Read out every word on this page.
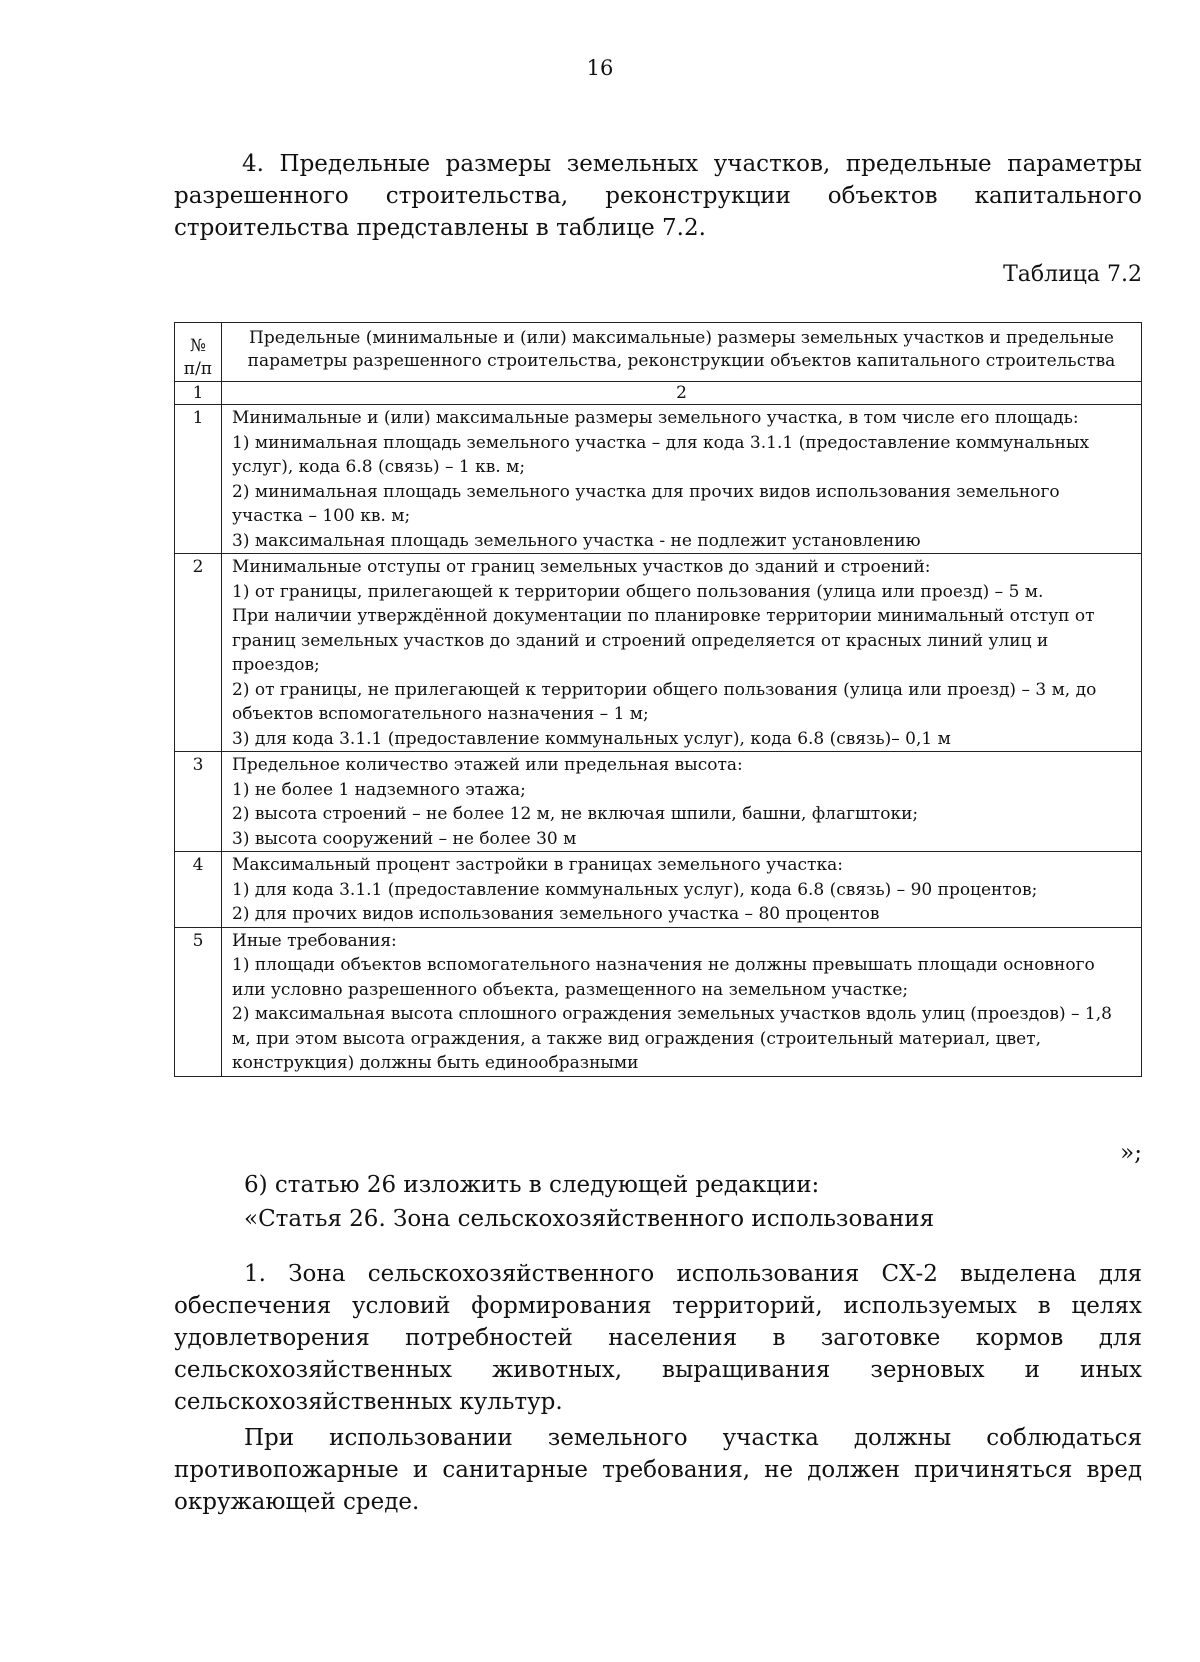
16
4. Предельные размеры земельных участков, предельные параметры разрешенного строительства, реконструкции объектов капитального строительства представлены в таблице 7.2.
Таблица 7.2
№ п/п	Предельные (минимальные и (или) максимальные) размеры земельных участков и предельные параметры разрешенного строительства, реконструкции объектов капитального строительства
1	2
1	Минимальные и (или) максимальные размеры земельного участка, в том числе его площадь:
1) минимальная площадь земельного участка – для кода 3.1.1 (предоставление коммунальных услуг), кода 6.8 (связь) – 1 кв. м;
2) минимальная площадь земельного участка для прочих видов использования земельного участка – 100 кв. м;
3) максимальная площадь земельного участка - не подлежит установлению

2	Минимальные отступы от границ земельных участков до зданий и строений:
1) от границы, прилегающей к территории общего пользования (улица или проезд) – 5 м.
При наличии утверждённой документации по планировке территории минимальный отступ от границ земельных участков до зданий и строений определяется от красных линий улиц и проездов;
2) от границы, не прилегающей к территории общего пользования (улица или проезд) – 3 м, до объектов вспомогательного назначения – 1 м;
3) для кода 3.1.1 (предоставление коммунальных услуг), кода 6.8 (связь)– 0,1 м

3	Предельное количество этажей или предельная высота:
1) не более 1 надземного этажа;
2) высота строений – не более 12 м, не включая шпили, башни, флагштоки;
3) высота сооружений – не более 30 м

4	Максимальный процент застройки в границах земельного участка:
1) для кода 3.1.1 (предоставление коммунальных услуг), кода 6.8 (связь) – 90 процентов;
2) для прочих видов использования земельного участка – 80 процентов

5	Иные требования:
1) площади объектов вспомогательного назначения не должны превышать площади основного или условно разрешенного объекта, размещенного на земельном участке;
2) максимальная высота сплошного ограждения земельных участков вдоль улиц (проездов) – 1,8 м, при этом высота ограждения, а также вид ограждения (строительный материал, цвет, конструкция) должны быть единообразными
»;
6) статью 26 изложить в следующей редакции:
«Статья 26. Зона сельскохозяйственного использования
1. Зона сельскохозяйственного использования СХ-2 выделена для обеспечения условий формирования территорий, используемых в целях удовлетворения потребностей населения в заготовке кормов для сельскохозяйственных животных, выращивания зерновых и иных сельскохозяйственных культур.
При использовании земельного участка должны соблюдаться противопожарные и санитарные требования, не должен причиняться вред окружающей среде.
